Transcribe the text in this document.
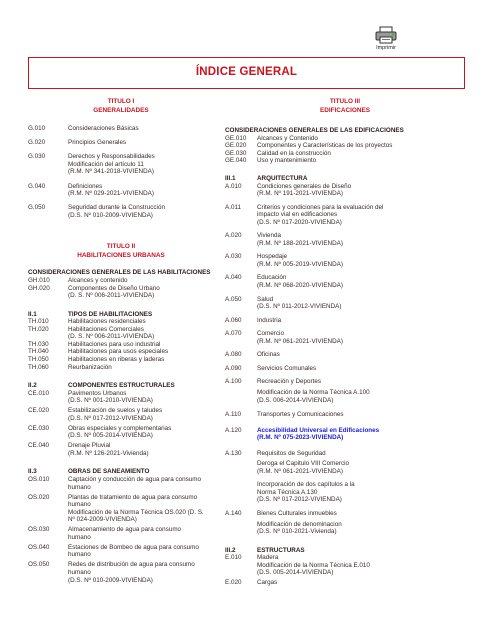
Imprimir
ÍNDICE GENERAL
TITULO I
GENERALIDADES
G.010	Consideraciones Básicas
G.020	Principios Generales
G.030	Derechos y Responsabilidades
Modificación del artículo 11
(R.M. Nº 341-2018-VIVIENDA)
G.040	Definiciones
(R.M. Nº 029-2021-VIVIENDA)
G.050	Seguridad durante la Construcción
(D.S. Nº 010-2009-VIVIENDA)
TITULO II
HABILITACIONES URBANAS
CONSIDERACIONES GENERALES DE LAS HABILITACIONES
GH.010	Alcances y contenido
GH.020	Componentes de Diseño Urbano
(D. S. Nº 006-2011-VIVIENDA)
II.1	TIPOS DE HABILITACIONES
TH.010	Habilitaciones residenciales
TH.020	Habilitaciones Comerciales
(D. S. Nº 006-2011-VIVIENDA)
TH.030	Habilitaciones para uso industrial
TH.040	Habilitaciones para usos especiales
TH.050	Habilitaciones en riberas y laderas
TH.060	Reurbanización
II.2	COMPONENTES ESTRUCTURALES
CE.010	Pavimentos Urbanos
(D.S. Nº 001-2010-VIVIENDA)
CE.020	Estabilización de suelos y taludes
(D.S. Nº 017-2012-VIVIENDA)
CE.030	Obras especiales y complementarias
(D.S. Nº 005-2014-VIVIENDA)
CE.040	Drenaje Pluvial
(R.M. Nº 126-2021-Vivienda)
II.3	OBRAS DE SANEAMIENTO
OS.010	Captación y conducción de agua para consumo
humano
OS.020	Plantas de tratamiento de agua para consumo
humano
Modificación de la Norma Técnica OS.020 (D. S.
Nº 024-2009-VIVIENDA)
OS.030	Almacenamiento de agua para consumo
humano
OS.040	Estaciones de Bombeo de agua para consumo
humano
OS.050	Redes de distribución de agua para consumo
humano
(D.S. Nº 010-2009-VIVIENDA)
TITULO III
EDIFICACIONES
CONSIDERACIONES GENERALES DE LAS EDIFICACIONES
GE.010	Alcances y Contenido
GE.020	Componentes y Características de los proyectos
GE.030	Calidad en la construcción
GE.040	Uso y mantenimiento
III.1	ARQUITECTURA
A.010	Condiciones generales de Diseño
(R.M. Nº 191-2021-VIVIENDA)
A.011	Criterios y condiciones para la evaluación del
impacto vial en edificaciones
(D.S. Nº 017-2020-VIVIENDA)
A.020	Vivienda
(R.M. Nº 188-2021-VIVIENDA)
A.030	Hospedaje
(R.M. Nº 005-2019-VIVIENDA)
A.040	Educación
(R.M. Nº 068-2020-VIVIENDA)
A.050	Salud
(D.S. Nº 011-2012-VIVIENDA)
A.060	Industria
A.070	Comercio
(R.M. Nº 061-2021-VIVIENDA)
A.080	Oficinas
A.090	Servicios Comunales
A.100	Recreación y Deportes
Modificación de la Norma Técnica A.100
(D.S. 006-2014-VIVIENDA)
A.110	Transportes y Comunicaciones
A.120	Accesibilidad Universal en Edificaciones
(R.M. Nº 075-2023-VIVIENDA)
A.130	Requisitos de Seguridad
Deroga el Capitulo VIII Comercio
(R.M. Nº 061-2021-VIVIENDA)
Incorporación de dos capítulos a la
Norma Técnica A.130
(D.S. Nº 017-2012-VIVIENDA)
A.140	Bienes Culturales inmuebles
Modificación de denominacion
(D.S. Nº 010-2021-Vivienda)
III.2	ESTRUCTURAS
E.010	Madera
Modificación de la Norma Técnica E.010
(D.S. 005-2014-VIVIENDA)
E.020	Cargas
